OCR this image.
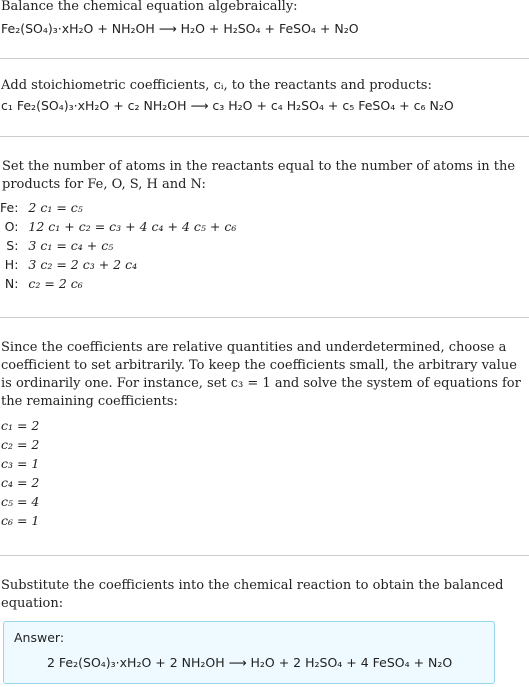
Balance the chemical equation algebraically:
Fe₂(SO₄)₃·xH₂O + NH₂OH ⟶ H₂O + H₂SO₄ + FeSO₄ + N₂O
Add stoichiometric coefficients, cᵢ, to the reactants and products:
c₁ Fe₂(SO₄)₃·xH₂O + c₂ NH₂OH ⟶ c₃ H₂O + c₄ H₂SO₄ + c₅ FeSO₄ + c₆ N₂O
Set the number of atoms in the reactants equal to the number of atoms in the products for Fe, O, S, H and N:
Fe:	2 c₁ = c₅
O:	12 c₁ + c₂ = c₃ + 4 c₄ + 4 c₅ + c₆
S:	3 c₁ = c₄ + c₅
H:	3 c₂ = 2 c₃ + 2 c₄
N:	c₂ = 2 c₆
Since the coefficients are relative quantities and underdetermined, choose a coefficient to set arbitrarily. To keep the coefficients small, the arbitrary value is ordinarily one. For instance, set c₃ = 1 and solve the system of equations for the remaining coefficients:
c₁ = 2
c₂ = 2
c₃ = 1
c₄ = 2
c₅ = 4
c₆ = 1
Substitute the coefficients into the chemical reaction to obtain the balanced equation:
Answer:
2 Fe₂(SO₄)₃·xH₂O + 2 NH₂OH ⟶ H₂O + 2 H₂SO₄ + 4 FeSO₄ + N₂O
